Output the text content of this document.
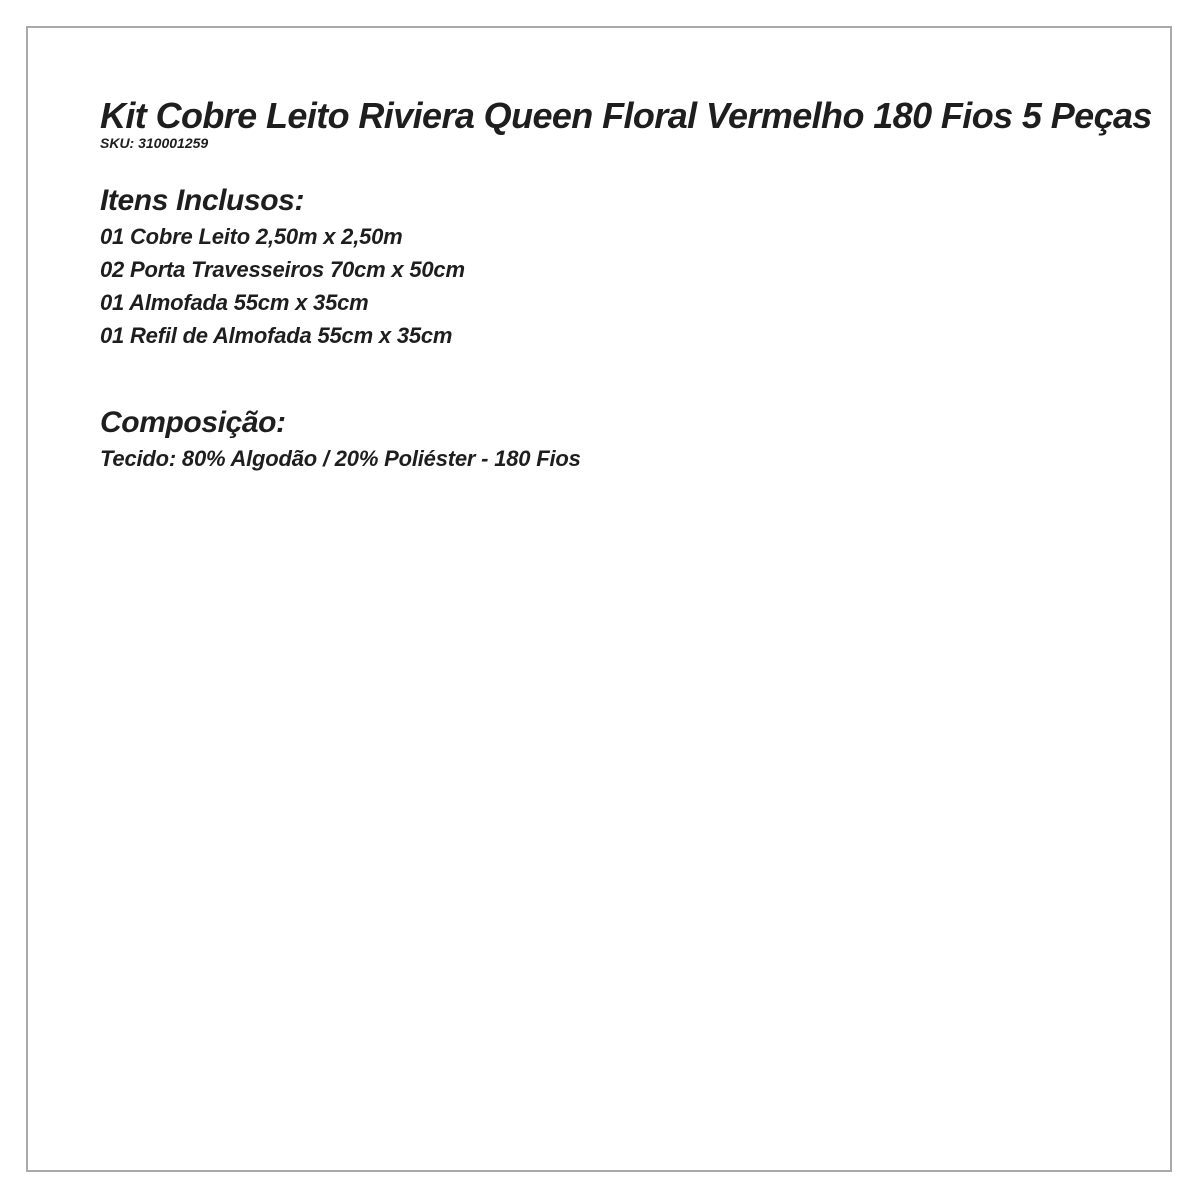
Kit Cobre Leito Riviera Queen Floral Vermelho 180 Fios 5 Peças
SKU: 310001259
Itens Inclusos:
01 Cobre Leito 2,50m x 2,50m
02 Porta Travesseiros 70cm x 50cm
01 Almofada 55cm x 35cm
01 Refil de Almofada 55cm x 35cm
Composição:

Tecido: 80% Algodão / 20% Poliéster - 180 Fios
